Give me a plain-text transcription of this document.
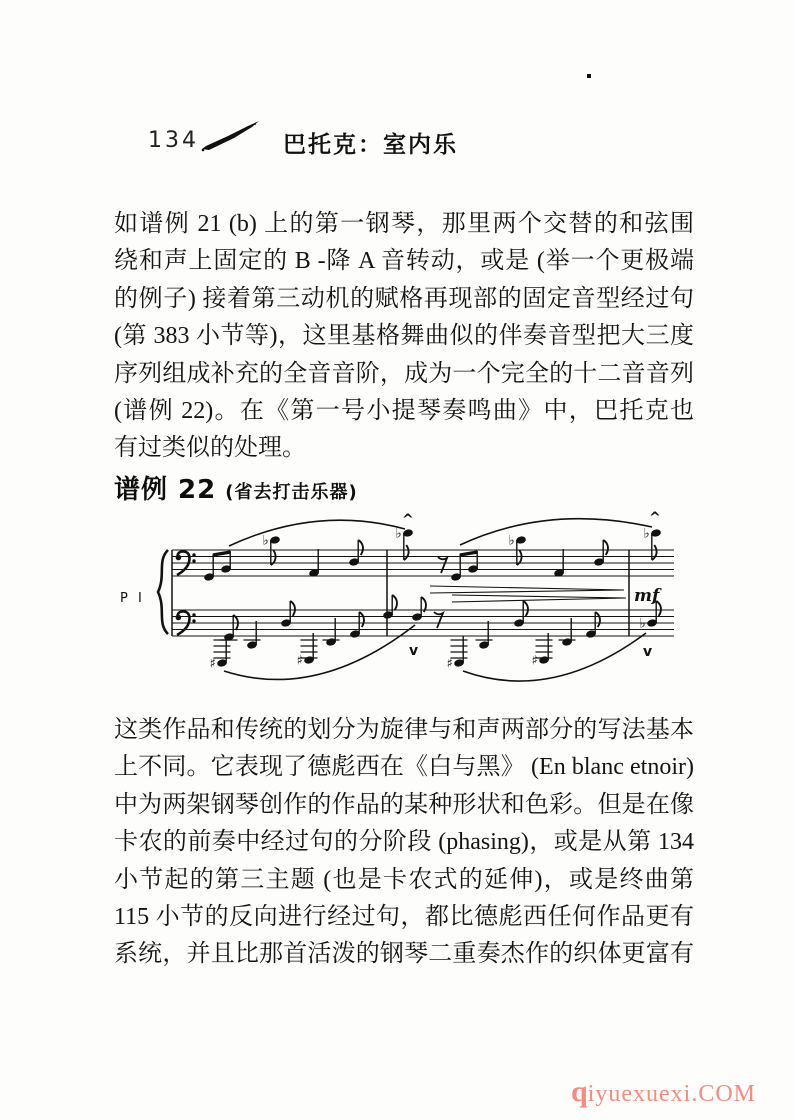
134	巴托克：室内乐
如谱例 21 (b) 上的第一钢琴，那里两个交替的和弦围
绕和声上固定的 B -降 A 音转动，或是 (举一个更极端
的例子) 接着第三动机的赋格再现部的固定音型经过句
(第 383 小节等)，这里基格舞曲似的伴奏音型把大三度
序列组成补充的全音音阶，成为一个完全的十二音音列
(谱例 22)。在《第一号小提琴奏鸣曲》中，巴托克也
有过类似的处理。
谱例 22 (省去打击乐器)
♭	♭	♭	♭
♯	♯	♯	♯
♭
^	^
v	v
P I	mf
这类作品和传统的划分为旋律与和声两部分的写法基本
上不同。它表现了德彪西在《白与黑》 (En blanc etnoir)
中为两架钢琴创作的作品的某种形状和色彩。但是在像
卡农的前奏中经过句的分阶段 (phasing)，或是从第 134
小节起的第三主题 (也是卡农式的延伸)，或是终曲第
115 小节的反向进行经过句，都比德彪西任何作品更有
系统，并且比那首活泼的钢琴二重奏杰作的织体更富有
qiyuexuexi.COM
